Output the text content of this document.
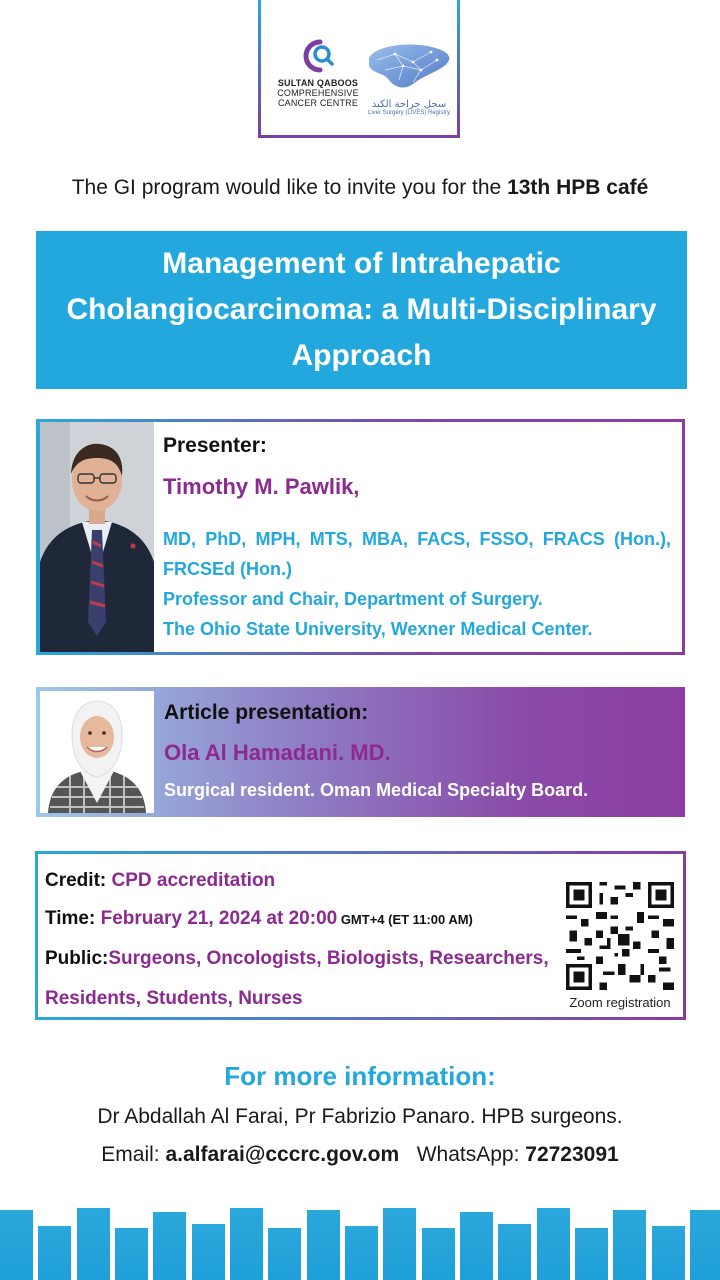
SULTAN QABOOS
COMPREHENSIVE
CANCER CENTRE	سجل جراحة الكبد
Liver Surgery (LIVES) Registry
The GI program would like to invite you for the 13th HPB café
Management of Intrahepatic Cholangiocarcinoma: a Multi-Disciplinary Approach
Presenter:
Timothy M. Pawlik,
MD, PhD, MPH, MTS, MBA, FACS, FSSO, FRACS (Hon.), FRCSEd (Hon.)
Professor and Chair, Department of Surgery.
The Ohio State University, Wexner Medical Center.
Article presentation:
Ola Al Hamadani. MD.
Surgical resident. Oman Medical Specialty Board.
Credit: CPD accreditation
Time: February 21, 2024 at 20:00 GMT+4 (ET 11:00 AM)
Public:Surgeons, Oncologists, Biologists, Researchers,
Residents, Students, Nurses	Zoom registration
For more information:
Dr Abdallah Al Farai, Pr Fabrizio Panaro. HPB surgeons.
Email: a.alfarai@cccrc.gov.om WhatsApp: 72723091
